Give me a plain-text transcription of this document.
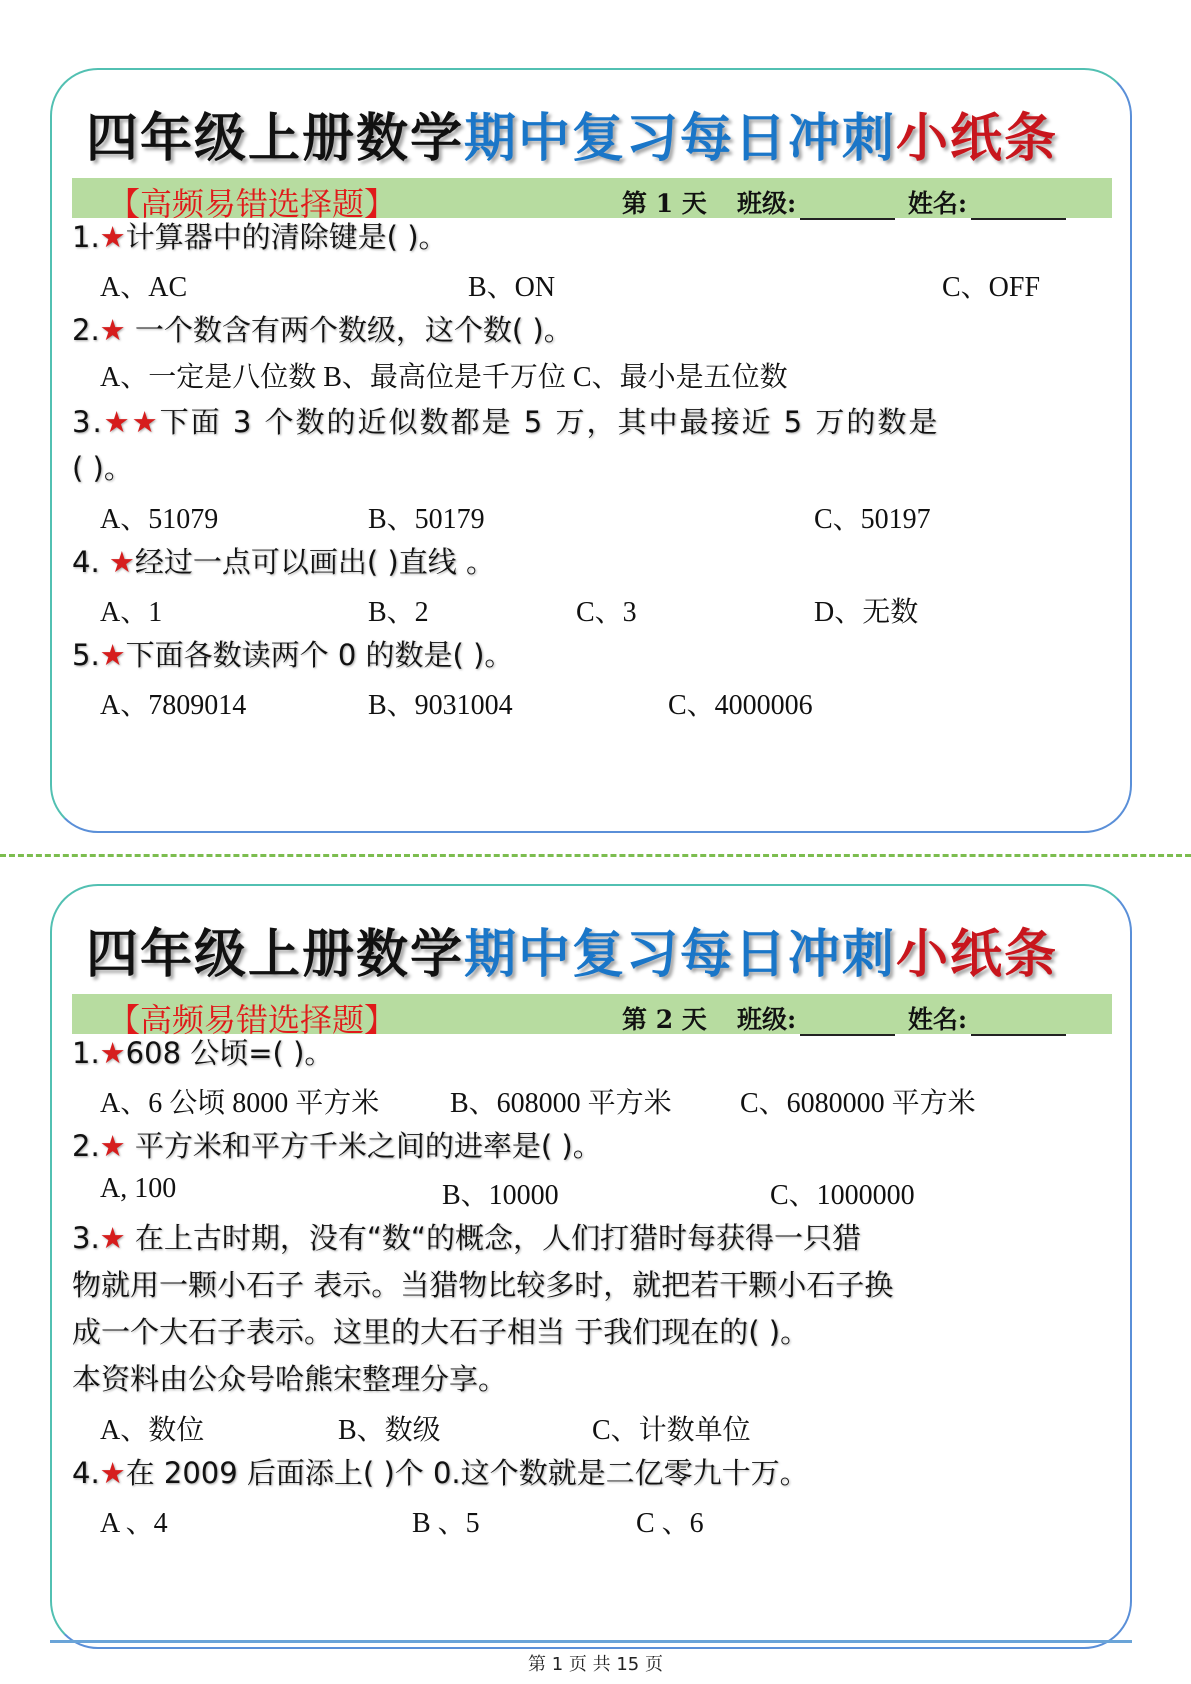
四年级上册数学期中复习每日冲刺小纸条
【高频易错选择题】	第 1 天 班级:	姓名:
1.★计算器中的清除键是( )。
A、AC	B、ON	C、OFF
2.★ 一个数含有两个数级，这个数( )。
A、一定是八位数 B、最高位是千万位 C、最小是五位数
3.★★下面 3 个数的近似数都是 5 万，其中最接近 5 万的数是
( )。
A、51079	B、50179	C、50197
4. ★经过一点可以画出( )直线 。
A、1	B、2	C、3	D、无数
5.★下面各数读两个 0 的数是( )。
A、7809014	B、9031004	C、4000006
四年级上册数学期中复习每日冲刺小纸条
【高频易错选择题】	第 2 天 班级:	姓名:
1.★608 公顷=( )。
A、6 公顷 8000 平方米	B、608000 平方米 C、6080000 平方米
2.★ 平方米和平方千米之间的进率是( )。
A, 100	B、10000	C、1000000
3.★ 在上古时期，没有“数“的概念，人们打猎时每获得一只猎
物就用一颗小石子 表示。当猎物比较多时，就把若干颗小石子换
成一个大石子表示。这里的大石子相当 于我们现在的( )。
本资料由公众号哈熊宋整理分享。
A、数位	B、数级	C、计数单位
4.★在 2009 后面添上( )个 0.这个数就是二亿零九十万。
A 、4	B 、5	C 、6
第 1 页 共 15 页
